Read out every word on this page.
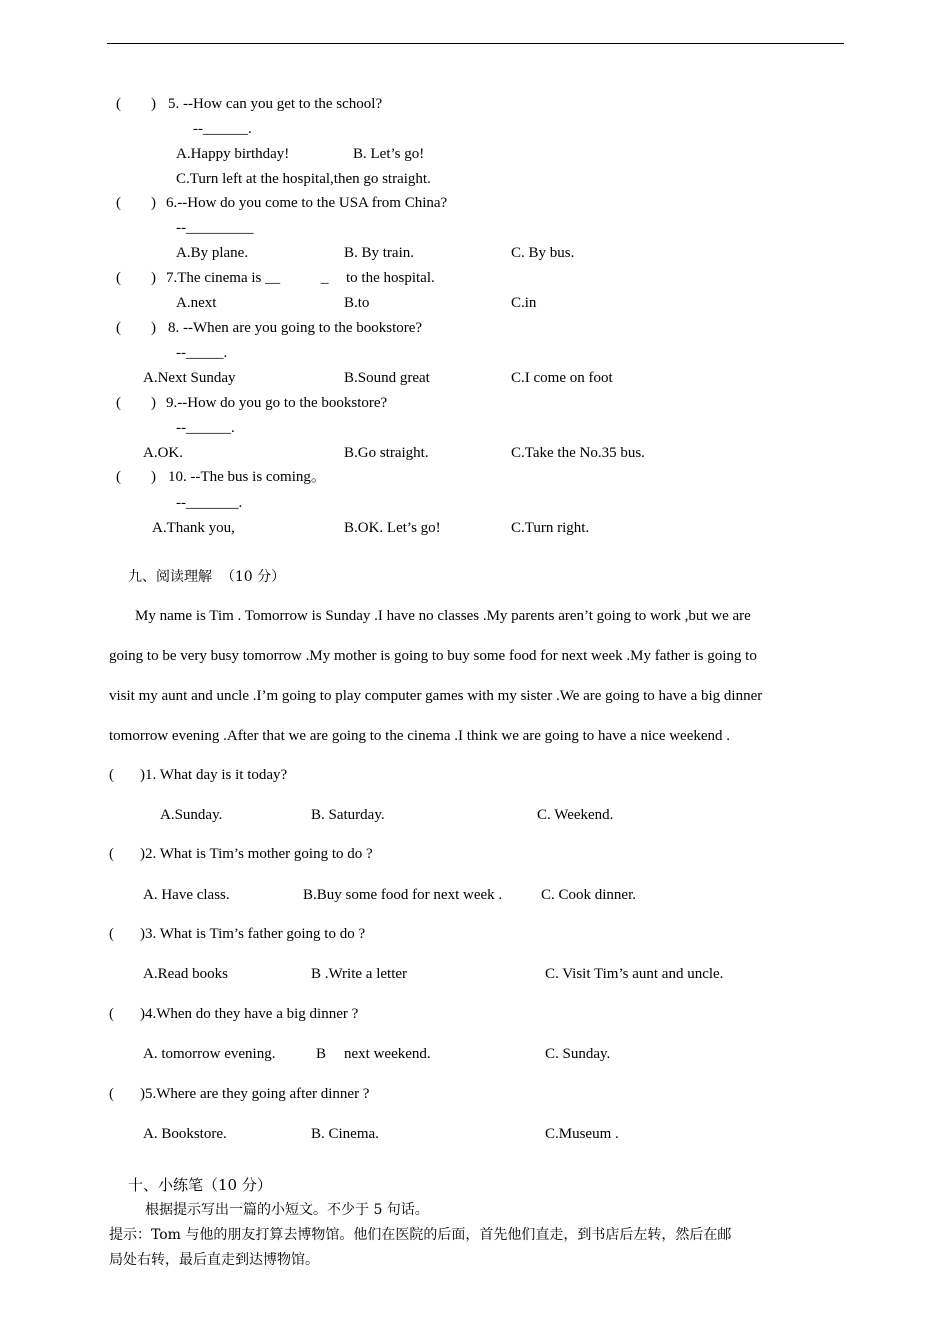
( ) 5. --How can you get to the school?
--______.
A.Happy birthday!	B. Let’s go!
C.Turn left at the hospital,then go straight.
( ) 6.--How do you come to the USA from China?
--_________
A.By plane.	B. By train.	C. By bus.
( ) 7.The cinema is __	_ to the hospital.
A.next	B.to	C.in
( ) 8. --When are you going to the bookstore?
--_____.
A.Next Sunday	B.Sound great	C.I come on foot
( ) 9.--How do you go to the bookstore?
--______.
A.OK.	B.Go straight.	C.Take the No.35 bus.
( ) 10. --The bus is coming。
--_______.
A.Thank you,	B.OK. Let’s go!	C.Turn right.
九、阅读理解  （10 分）
My name is Tim . Tomorrow is Sunday .I have no classes .My parents aren’t going to work ,but we are
going to be very busy tomorrow .My mother is going to buy some food for next week .My father is going to
visit my aunt and uncle .I’m going to play computer games with my sister .We are going to have a big dinner
tomorrow evening .After that we are going to the cinema .I think we are going to have a nice weekend .
( )1. What day is it today?
A.Sunday.	B. Saturday.	C. Weekend.
( )2. What is Tim’s mother going to do ?
A. Have class.	B.Buy some food for next week .	C. Cook dinner.
( )3. What is Tim’s father going to do ?
A.Read books	B .Write a letter	C. Visit Tim’s aunt and uncle.
( )4.When do they have a big dinner ?
A. tomorrow evening.	B next weekend.	C. Sunday.
( )5.Where are they going after dinner ?
A. Bookstore.	B. Cinema.	C.Museum .
十、小练笔（10 分）
根据提示写出一篇的小短文。不少于 5 句话。
提示：Tom 与他的朋友打算去博物馆。他们在医院的后面，首先他们直走，到书店后左转，然后在邮
局处右转，最后直走到达博物馆。
